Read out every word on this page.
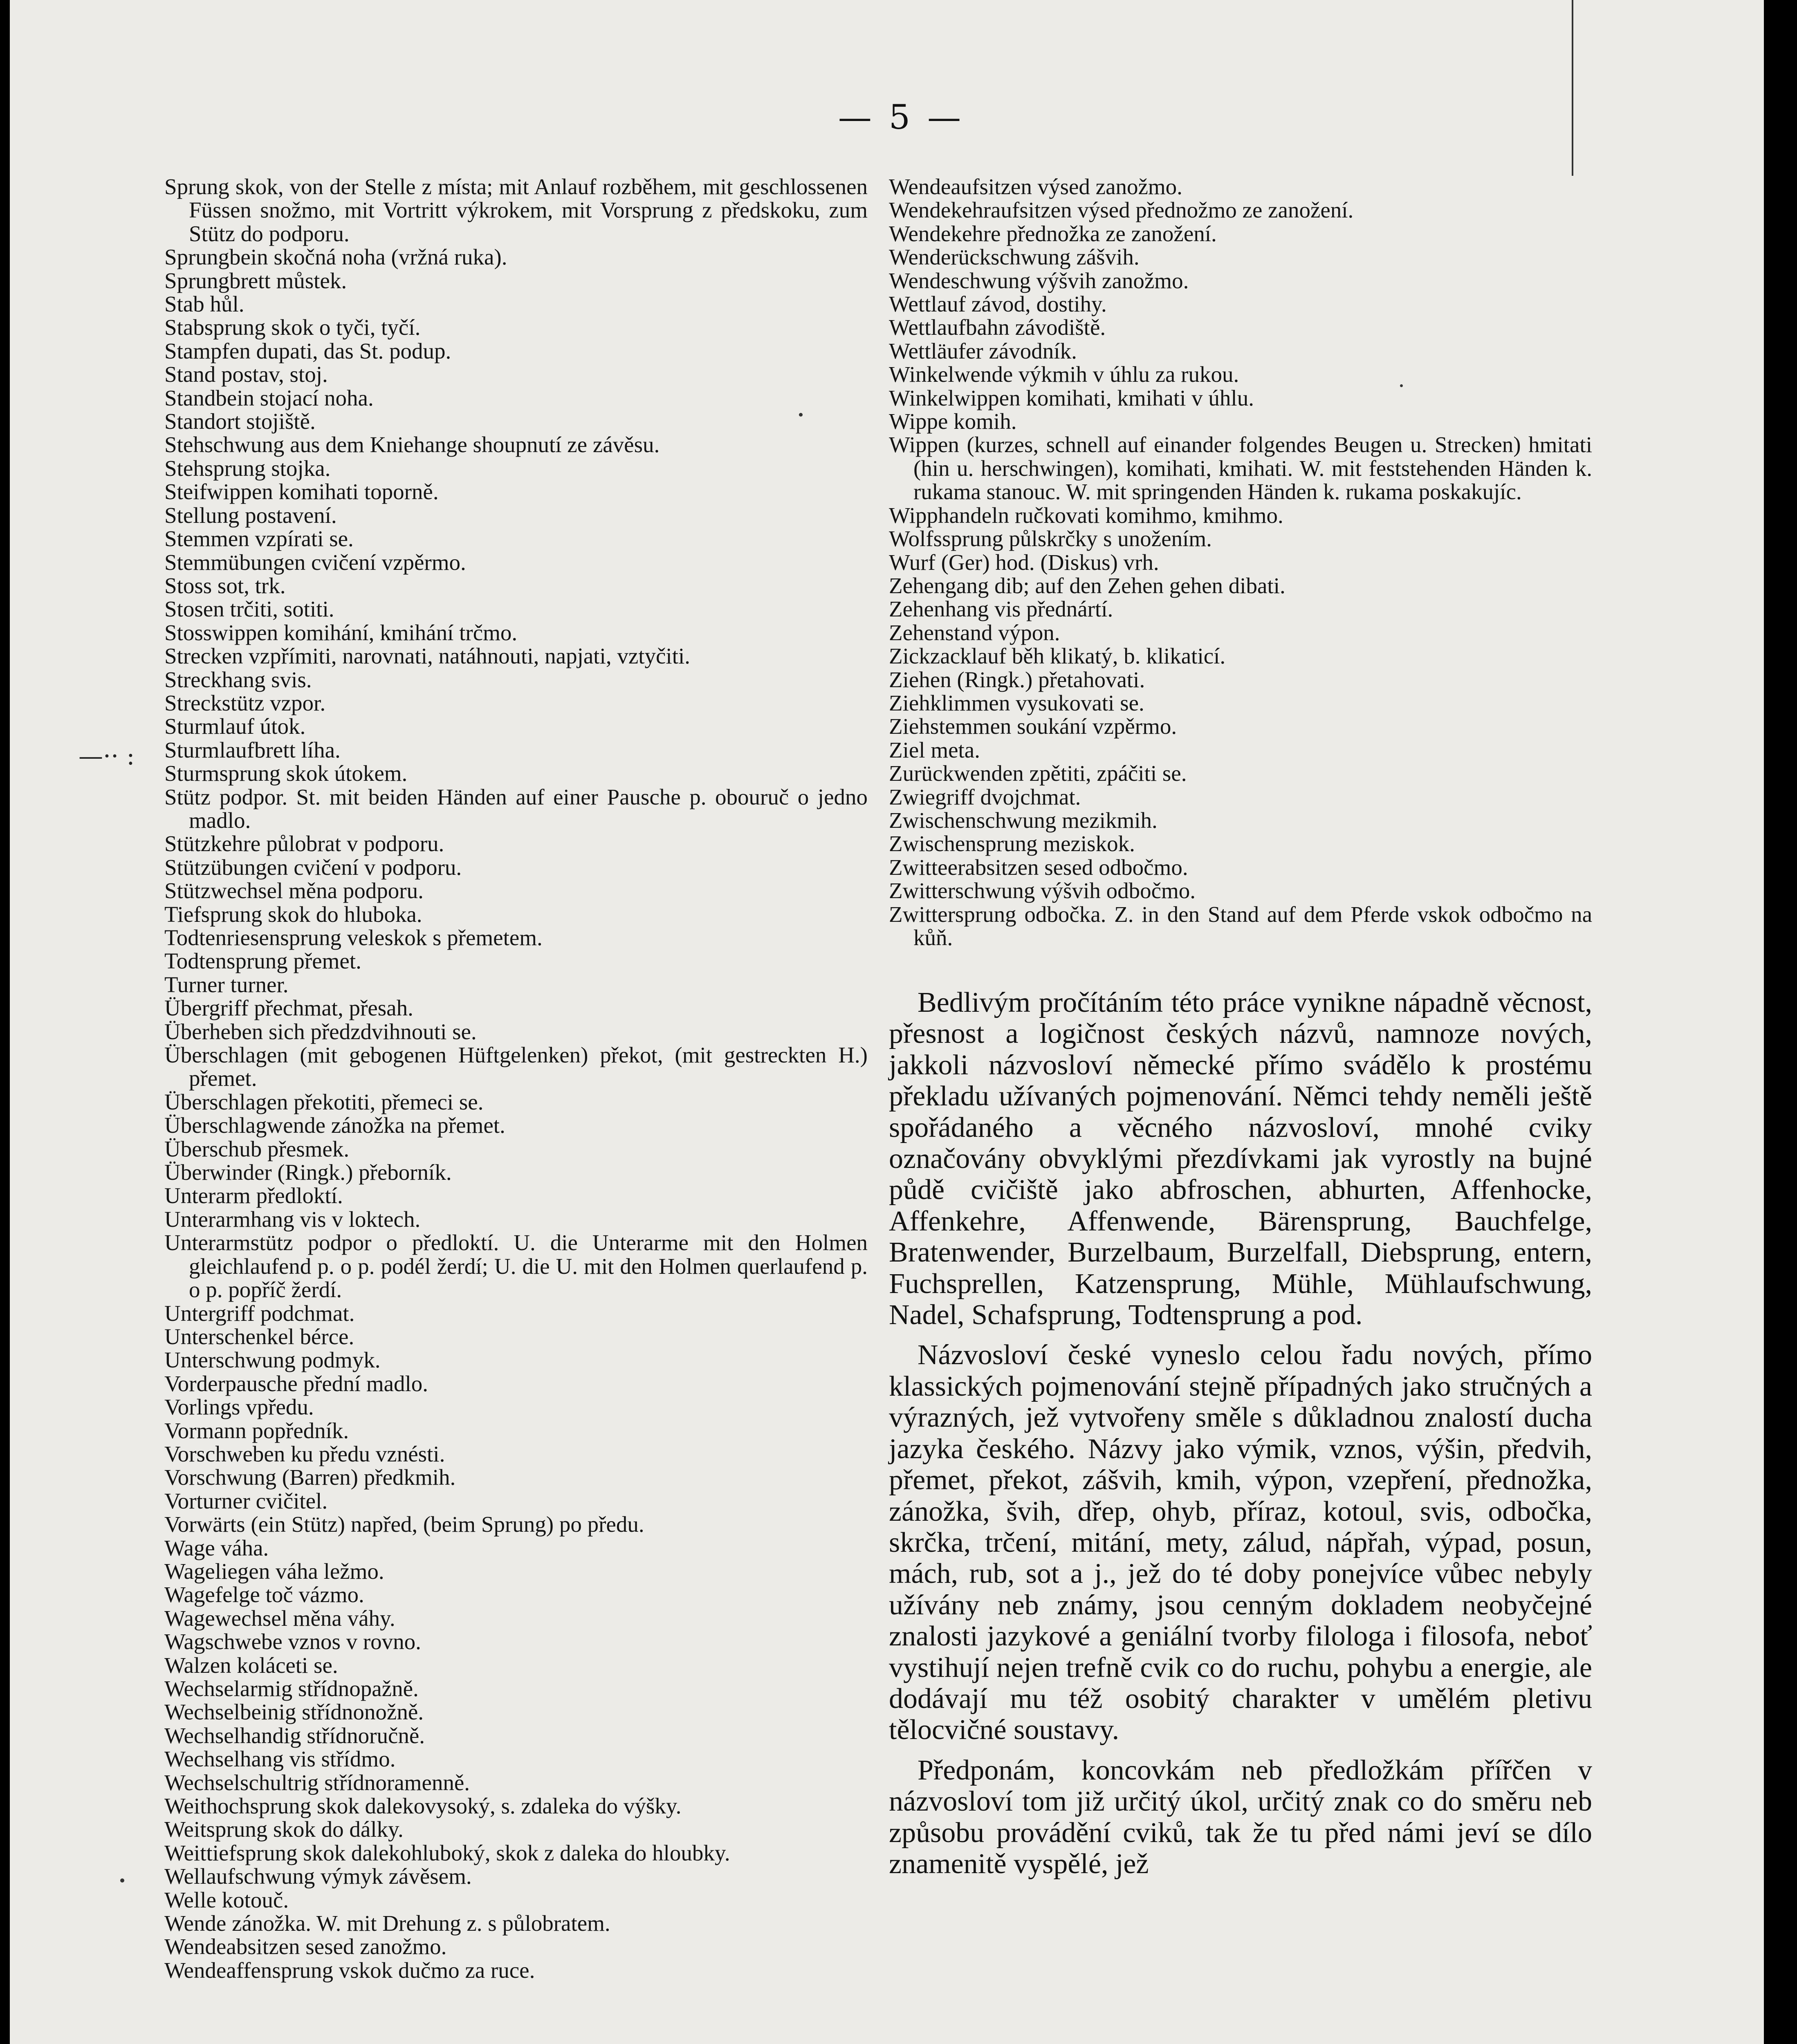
— 5 —
Sprung skok, von der Stelle z místa; mit Anlauf rozběhem, mit geschlossenen Füssen snožmo, mit Vortritt výkrokem, mit Vorsprung z předskoku, zum Stütz do podporu.
Sprungbein skočná noha (vržná ruka).
Sprungbrett můstek.
Stab hůl.
Stabsprung skok o tyči, tyčí.
Stampfen dupati, das St. podup.
Stand postav, stoj.
Standbein stojací noha.
Standort stojiště.
Stehschwung aus dem Kniehange shoupnutí ze závěsu.
Stehsprung stojka.
Steifwippen komihati toporně.
Stellung postavení.
Stemmen vzpírati se.
Stemmübungen cvičení vzpěrmo.
Stoss sot, trk.
Stosen trčiti, sotiti.
Stosswippen komihání, kmihání trčmo.
Strecken vzpřímiti, narovnati, natáhnouti, napjati, vztyčiti.
Streckhang svis.
Streckstütz vzpor.
Sturmlauf útok.
Sturmlaufbrett líha.
Sturmsprung skok útokem.
Stütz podpor. St. mit beiden Händen auf einer Pausche p. obouruč o jedno madlo.
Stützkehre půlobrat v podporu.
Stützübungen cvičení v podporu.
Stützwechsel měna podporu.
Tiefsprung skok do hluboka.
Todtenriesensprung veleskok s přemetem.
Todtensprung přemet.
Turner turner.
Übergriff přechmat, přesah.
Überheben sich předzdvihnouti se.
Überschlagen (mit gebogenen Hüftgelenken) překot, (mit gestreckten H.) přemet.
Überschlagen překotiti, přemeci se.
Überschlagwende zánožka na přemet.
Überschub přesmek.
Überwinder (Ringk.) přeborník.
Unterarm předloktí.
Unterarmhang vis v loktech.
Unterarmstütz podpor o předloktí. U. die Unterarme mit den Holmen gleichlaufend p. o p. podél žerdí; U. die U. mit den Holmen querlaufend p. o p. popříč žerdí.
Untergriff podchmat.
Unterschenkel bérce.
Unterschwung podmyk.
Vorderpausche přední madlo.
Vorlings vpředu.
Vormann popředník.
Vorschweben ku předu vznésti.
Vorschwung (Barren) předkmih.
Vorturner cvičitel.
Vorwärts (ein Stütz) napřed, (beim Sprung) po předu.
Wage váha.
Wageliegen váha ležmo.
Wagefelge toč vázmo.
Wagewechsel měna váhy.
Wagschwebe vznos v rovno.
Walzen koláceti se.
Wechselarmig střídnopažně.
Wechselbeinig střídnonožně.
Wechselhandig střídnoručně.
Wechselhang vis střídmo.
Wechselschultrig střídnoramenně.
Weithochsprung skok dalekovysoký, s. zdaleka do výšky.
Weitsprung skok do dálky.
Weittiefsprung skok dalekohluboký, skok z daleka do hloubky.
Wellaufschwung výmyk závěsem.
Welle kotouč.
Wende zánožka. W. mit Drehung z. s půlobratem.
Wendeabsitzen sesed zanožmo.
Wendeaffensprung vskok dučmo za ruce.
Wendeaufsitzen výsed zanožmo.
Wendekehraufsitzen výsed přednožmo ze zanožení.
Wendekehre přednožka ze zanožení.
Wenderückschwung zášvih.
Wendeschwung výšvih zanožmo.
Wettlauf závod, dostihy.
Wettlaufbahn závodiště.
Wettläufer závodník.
Winkelwende výkmih v úhlu za rukou.
Winkelwippen komihati, kmihati v úhlu.
Wippe komih.
Wippen (kurzes, schnell auf einander folgendes Beugen u. Strecken) hmitati (hin u. herschwingen), komihati, kmihati. W. mit feststehenden Händen k. rukama stanouc. W. mit springenden Händen k. rukama poskakujíc.
Wipphandeln ručkovati komihmo, kmihmo.
Wolfssprung půlskrčky s unožením.
Wurf (Ger) hod. (Diskus) vrh.
Zehengang dib; auf den Zehen gehen dibati.
Zehenhang vis přednártí.
Zehenstand výpon.
Zickzacklauf běh klikatý, b. klikaticí.
Ziehen (Ringk.) přetahovati.
Ziehklimmen vysukovati se.
Ziehstemmen soukání vzpěrmo.
Ziel meta.
Zurückwenden zpětiti, zpáčiti se.
Zwiegriff dvojchmat.
Zwischenschwung mezikmih.
Zwischensprung meziskok.
Zwitteerabsitzen sesed odbočmo.
Zwitterschwung výšvih odbočmo.
Zwittersprung odbočka. Z. in den Stand auf dem Pferde vskok odbočmo na kůň.

Bedlivým pročítáním této práce vynikne nápadně věcnost, přesnost a logičnost českých názvů, namnoze nových, jakkoli názvosloví německé přímo svádělo k prostému překladu užívaných pojmenování. Němci tehdy neměli ještě spořádaného a věcného názvosloví, mnohé cviky označovány obvyklými přezdívkami jak vyrostly na bujné půdě cvičiště jako abfroschen, abhurten, Affenhocke, Affenkehre, Affenwende, Bärensprung, Bauchfelge, Bratenwender, Burzelbaum, Burzelfall, Diebsprung, entern, Fuchsprellen, Katzensprung, Mühle, Mühlaufschwung, Nadel, Schafsprung, Todtensprung a pod.

Názvosloví české vyneslo celou řadu nových, přímo klassických pojmenování stejně případných jako stručných a výrazných, jež vytvořeny směle s důkladnou znalostí ducha jazyka českého. Názvy jako výmik, vznos, výšin, předvih, přemet, překot, zášvih, kmih, výpon, vzepření, přednožka, zánožka, švih, dřep, ohyb, příraz, kotoul, svis, odbočka, skrčka, trčení, mitání, mety, zálud, nápřah, výpad, posun, mách, rub, sot a j., jež do té doby ponejvíce vůbec nebyly užívány neb známy, jsou cenným dokladem neobyčejné znalosti jazykové a geniální tvorby filologa i filosofa, neboť vystihují nejen trefně cvik co do ruchu, pohybu a energie, ale dodávají mu též osobitý charakter v umělém pletivu tělocvičné soustavy.

Předponám, koncovkám neb předložkám přířčen v názvosloví tom již určitý úkol, určitý znak co do směru neb způsobu provádění cviků, tak že tu před námi jeví se dílo znamenitě vyspělé, jež

—·· :
